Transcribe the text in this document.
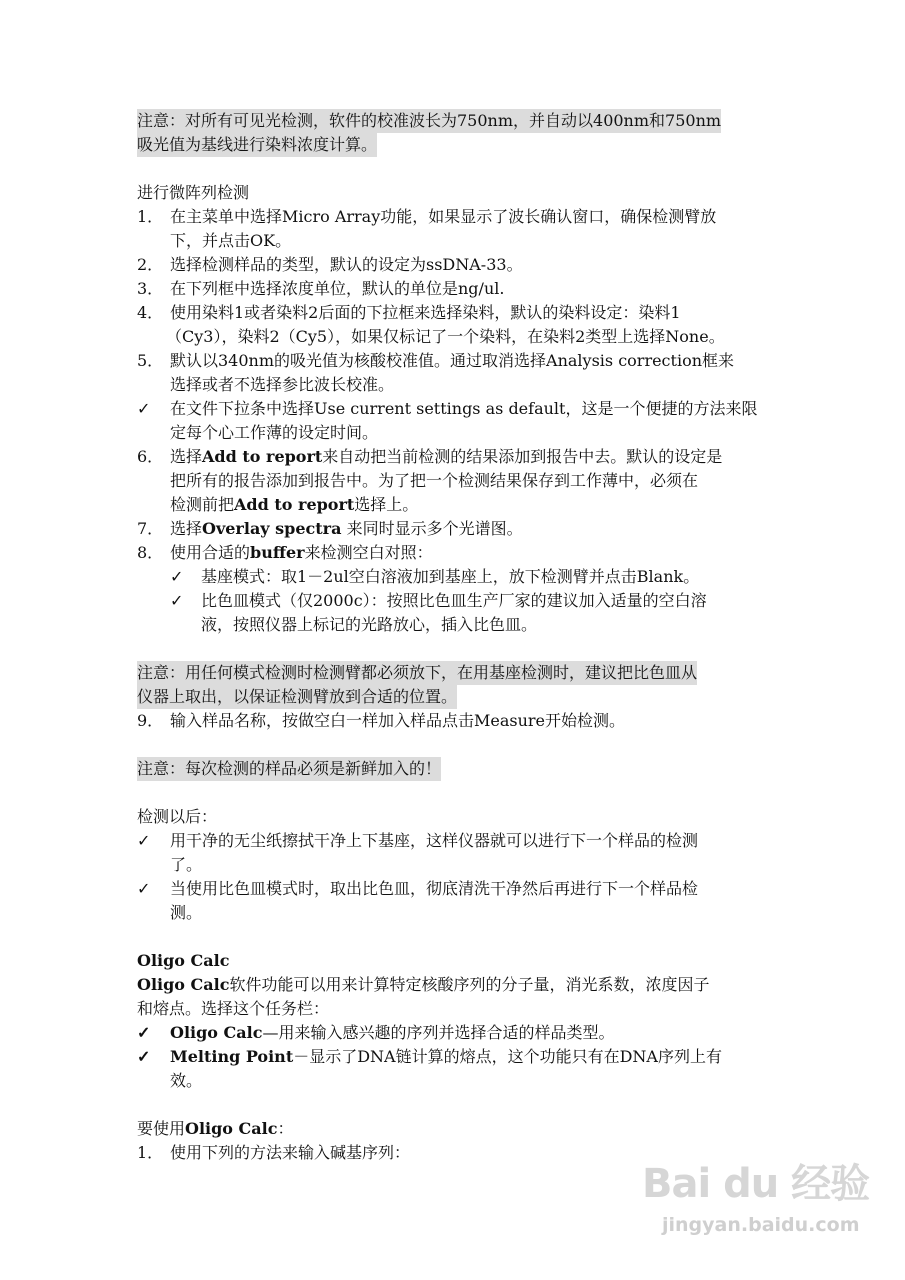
注意：对所有可见光检测，软件的校准波长为750nm，并自动以400nm和750nm
吸光值为基线进行染料浓度计算。
进行微阵列检测
1． 在主菜单中选择Micro Array功能，如果显示了波长确认窗口，确保检测臂放
下，并点击OK。
2． 选择检测样品的类型，默认的设定为ssDNA-33。
3． 在下列框中选择浓度单位，默认的单位是ng/ul.
4． 使用染料1或者染料2后面的下拉框来选择染料，默认的染料设定：染料1
（Cy3），染料2（Cy5），如果仅标记了一个染料，在染料2类型上选择None。
5． 默认以340nm的吸光值为核酸校准值。通过取消选择Analysis correction框来
选择或者不选择参比波长校准。
✓ 在文件下拉条中选择Use current settings as default，这是一个便捷的方法来限
定每个心工作薄的设定时间。
6． 选择Add to report来自动把当前检测的结果添加到报告中去。默认的设定是
把所有的报告添加到报告中。为了把一个检测结果保存到工作薄中，必须在
检测前把Add to report选择上。
7． 选择Overlay spectra 来同时显示多个光谱图。
8． 使用合适的buffer来检测空白对照：
✓ 基座模式：取1－2ul空白溶液加到基座上，放下检测臂并点击Blank。
✓ 比色皿模式（仅2000c）：按照比色皿生产厂家的建议加入适量的空白溶
液，按照仪器上标记的光路放心，插入比色皿。
注意：用任何模式检测时检测臂都必须放下，在用基座检测时，建议把比色皿从
仪器上取出，以保证检测臂放到合适的位置。
9． 输入样品名称，按做空白一样加入样品点击Measure开始检测。
注意：每次检测的样品必须是新鲜加入的！
检测以后：
✓ 用干净的无尘纸擦拭干净上下基座，这样仪器就可以进行下一个样品的检测
了。
✓ 当使用比色皿模式时，取出比色皿，彻底清洗干净然后再进行下一个样品检
测。
Oligo Calc
Oligo Calc软件功能可以用来计算特定核酸序列的分子量，消光系数，浓度因子
和熔点。选择这个任务栏：
✓ Oligo Calc—用来输入感兴趣的序列并选择合适的样品类型。
✓ Melting Point－显示了DNA链计算的熔点，这个功能只有在DNA序列上有
效。
要使用Oligo Calc：
1． 使用下列的方法来输入碱基序列：
Bai du 经验
jingyan.baidu.com
